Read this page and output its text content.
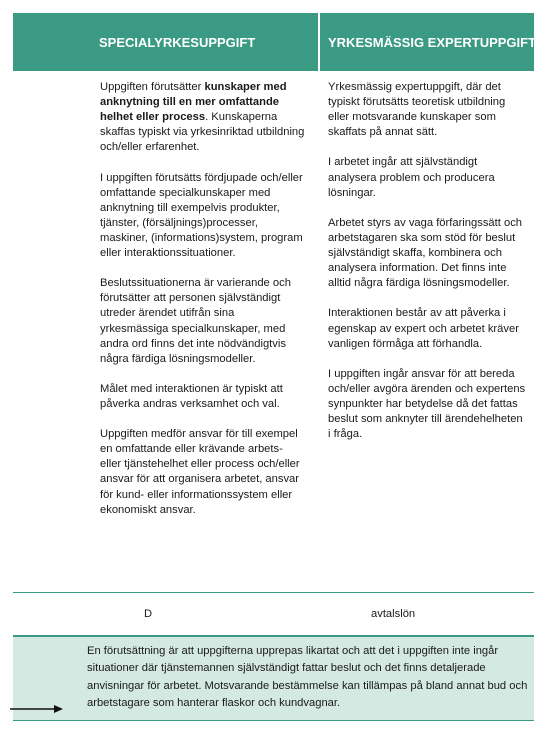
SPECIALYRKESUPPGIFT	YRKESMÄSSIG EXPERTUPPGIFT

Uppgiften förutsätter kunskaper med anknytning till en mer omfattande helhet eller process. Kunskaperna skaffas typiskt via yrkesinriktad utbildning och/eller erfarenhet.

I uppgiften förutsätts fördjupade och/eller omfattande specialkunskaper med anknytning till exempelvis produkter, tjänster, (försäljnings)processer, maskiner, (informations)system, program eller interaktionssituationer.

Beslutssituationerna är varierande och förutsätter att personen självständigt utreder ärendet utifrån sina yrkesmässiga specialkunskaper, med andra ord finns det inte nödvändigtvis några färdiga lösningsmodeller.

Målet med interaktionen är typiskt att påverka andras verksamhet och val.

Uppgiften medför ansvar för till exempel en omfattande eller krävande arbets- eller tjänstehelhet eller process och/eller ansvar för att organisera arbetet, ansvar för kund- eller informationssystem eller ekonomiskt ansvar.

Yrkesmässig expertuppgift, där det typiskt förutsätts teoretisk utbildning eller motsvarande kunskaper som skaffats på annat sätt.

I arbetet ingår att självständigt analysera problem och producera lösningar.

Arbetet styrs av vaga förfaringssätt och arbetstagaren ska som stöd för beslut självständigt skaffa, kombinera och analysera information. Det finns inte alltid några färdiga lösningsmodeller.

Interaktionen består av att påverka i egenskap av expert och arbetet kräver vanligen förmåga att förhandla.

I uppgiften ingår ansvar för att bereda och/eller avgöra ärenden och expertens synpunkter har betydelse då det fattas beslut som anknyter till ärendehelheten i fråga.

D	avtalslön

En förutsättning är att uppgifterna upprepas likartat och att det i uppgiften inte ingår situationer där tjänstemannen självständigt fattar beslut och det finns detaljerade anvisningar för arbetet. Motsvarande bestämmelse kan tillämpas på bland annat bud och arbetstagare som hanterar flaskor och kundvagnar.
